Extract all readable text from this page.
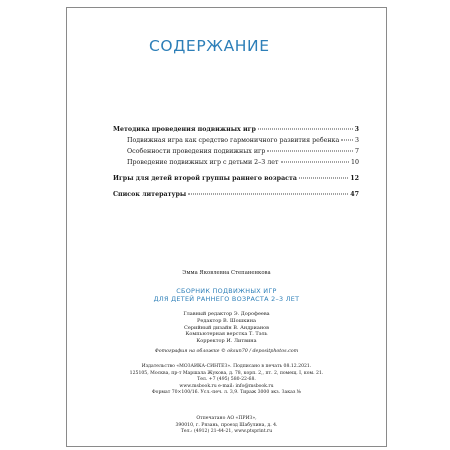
СОДЕРЖАНИЕ
Методика проведения подвижных игр	3
Подвижная игра как средство гармоничного развития ребенка	3
Особенности проведения подвижных игр	7
Проведение подвижных игр с детьми 2–3 лет	10
Игры для детей второй группы раннего возраста	12
Список литературы	47
Эмма Яковлевна Степаненкова
СБОРНИК ПОДВИЖНЫХ ИГР
ДЛЯ ДЕТЕЙ РАННЕГО ВОЗРАСТА 2–3 ЛЕТ
Главный редактор Э. Дорофеева
Редактор В. Шошкина
Серийный дизайн В. Андрианов
Компьютерная верстка Т. Тэль
Корректор И. Литвина
Фотография на обложке © oksun70 / depositphotos.com
Издательство «МОЗАИКА-СИНТЕЗ». Подписано в печать 08.12.2021.
125105, Москва, пр-т Маршала Жукова, д. 78, корп. 2,, пт. 2, помещ. I, ком. 21.
Тел. +7 (495) 580-22-68.
www.msbook.ru e-mail: info@msbook.ru
Формат 70×100/16. Усл.-печ. л. 3,9. Тираж 3000 экз. Заказ №
Отпечатано АО «ПРИЗ»,
390010, г. Рязань, проезд Шабулина, д. 4.
Тел.: (4912) 21-44-21, www.ptsprint.ru
